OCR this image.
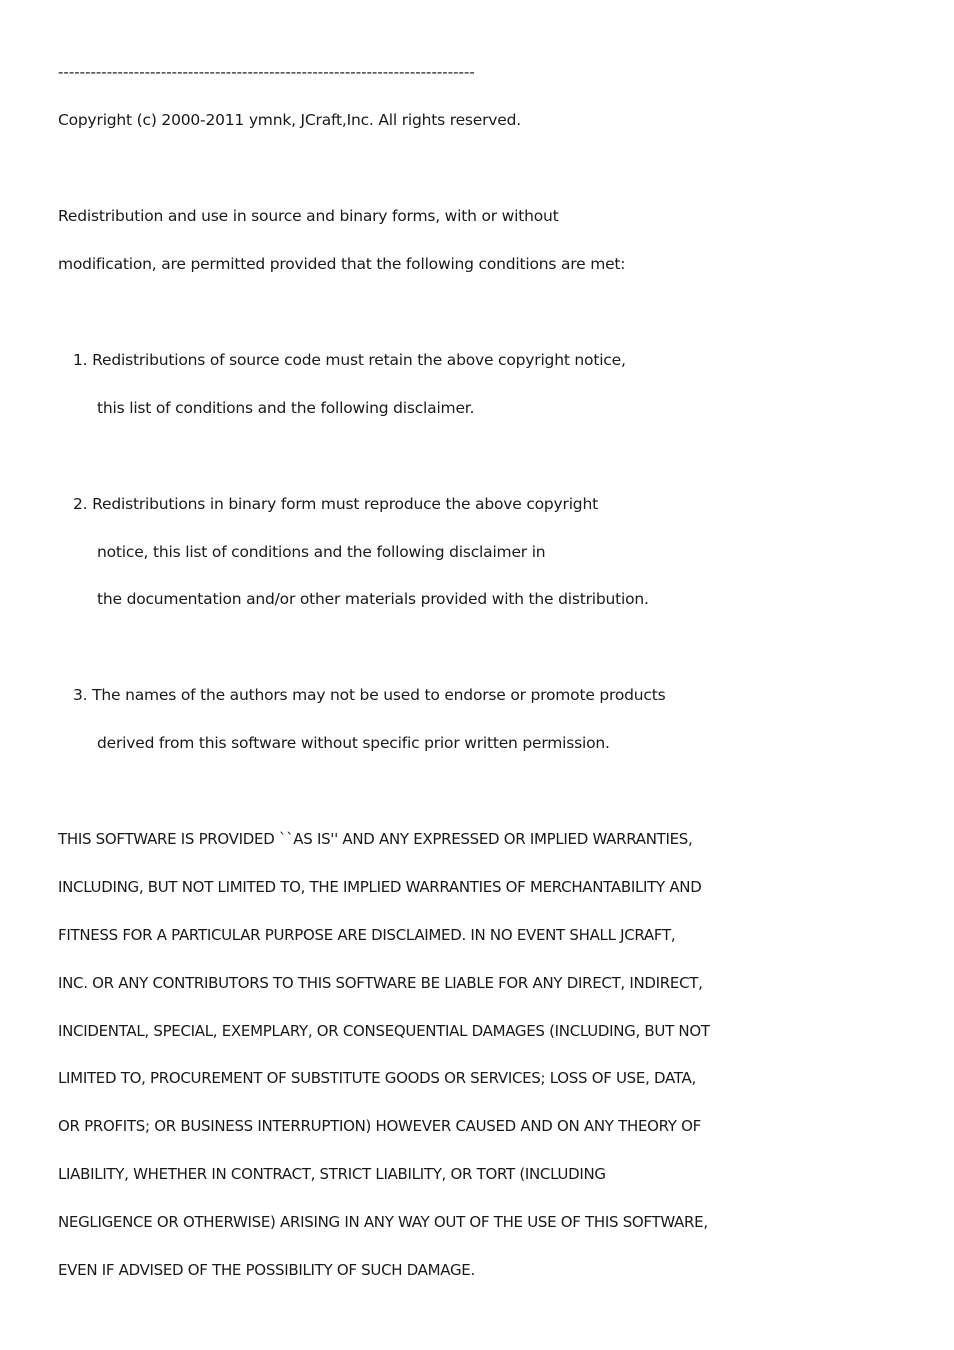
-----------------------------------------------------------------------------
Copyright (c) 2000-2011 ymnk, JCraft,Inc. All rights reserved.
Redistribution and use in source and binary forms, with or without
modification, are permitted provided that the following conditions are met:
1. Redistributions of source code must retain the above copyright notice,
this list of conditions and the following disclaimer.
2. Redistributions in binary form must reproduce the above copyright
notice, this list of conditions and the following disclaimer in
the documentation and/or other materials provided with the distribution.
3. The names of the authors may not be used to endorse or promote products
derived from this software without specific prior written permission.
THIS SOFTWARE IS PROVIDED ``AS IS'' AND ANY EXPRESSED OR IMPLIED WARRANTIES,
INCLUDING, BUT NOT LIMITED TO, THE IMPLIED WARRANTIES OF MERCHANTABILITY AND
FITNESS FOR A PARTICULAR PURPOSE ARE DISCLAIMED. IN NO EVENT SHALL JCRAFT,
INC. OR ANY CONTRIBUTORS TO THIS SOFTWARE BE LIABLE FOR ANY DIRECT, INDIRECT,
INCIDENTAL, SPECIAL, EXEMPLARY, OR CONSEQUENTIAL DAMAGES (INCLUDING, BUT NOT
LIMITED TO, PROCUREMENT OF SUBSTITUTE GOODS OR SERVICES; LOSS OF USE, DATA,
OR PROFITS; OR BUSINESS INTERRUPTION) HOWEVER CAUSED AND ON ANY THEORY OF
LIABILITY, WHETHER IN CONTRACT, STRICT LIABILITY, OR TORT (INCLUDING
NEGLIGENCE OR OTHERWISE) ARISING IN ANY WAY OUT OF THE USE OF THIS SOFTWARE,
EVEN IF ADVISED OF THE POSSIBILITY OF SUCH DAMAGE.
